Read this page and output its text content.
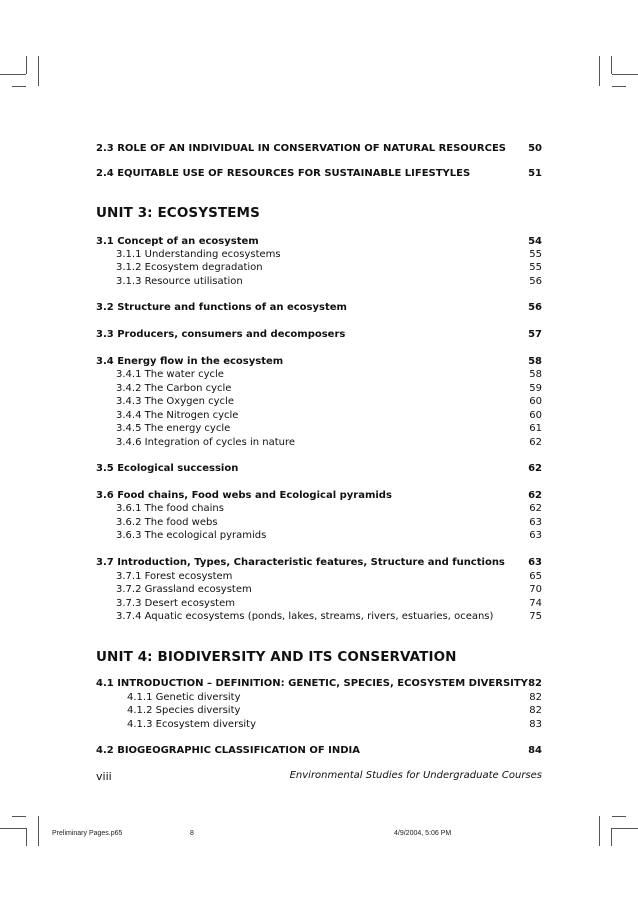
2.3 ROLE OF AN INDIVIDUAL IN CONSERVATION OF NATURAL RESOURCES 50
2.4 EQUITABLE USE OF RESOURCES FOR SUSTAINABLE LIFESTYLES	51
UNIT 3: ECOSYSTEMS
3.1 Concept of an ecosystem	54
3.1.1 Understanding ecosystems	55
3.1.2 Ecosystem degradation	55
3.1.3 Resource utilisation	56
3.2 Structure and functions of an ecosystem	56
3.3 Producers, consumers and decomposers	57
3.4 Energy flow in the ecosystem	58
3.4.1 The water cycle	58
3.4.2 The Carbon cycle	59
3.4.3 The Oxygen cycle	60
3.4.4 The Nitrogen cycle	60
3.4.5 The energy cycle	61
3.4.6 Integration of cycles in nature	62
3.5 Ecological succession	62
3.6 Food chains, Food webs and Ecological pyramids	62
3.6.1 The food chains	62
3.6.2 The food webs	63
3.6.3 The ecological pyramids	63
3.7 Introduction, Types, Characteristic features, Structure and functions 63
3.7.1 Forest ecosystem	65
3.7.2 Grassland ecosystem	70
3.7.3 Desert ecosystem	74
3.7.4 Aquatic ecosystems (ponds, lakes, streams, rivers, estuaries, oceans)	75
UNIT 4: BIODIVERSITY AND ITS CONSERVATION
4.1 INTRODUCTION – DEFINITION: GENETIC, SPECIES, ECOSYSTEM DIVERSITY 82
4.1.1 Genetic diversity	82
4.1.2 Species diversity	82
4.1.3 Ecosystem diversity	83
4.2 BIOGEOGRAPHIC CLASSIFICATION OF INDIA	84
viii	Environmental Studies for Undergraduate Courses
Preliminary Pages.p65	8	4/9/2004, 5:06 PM
